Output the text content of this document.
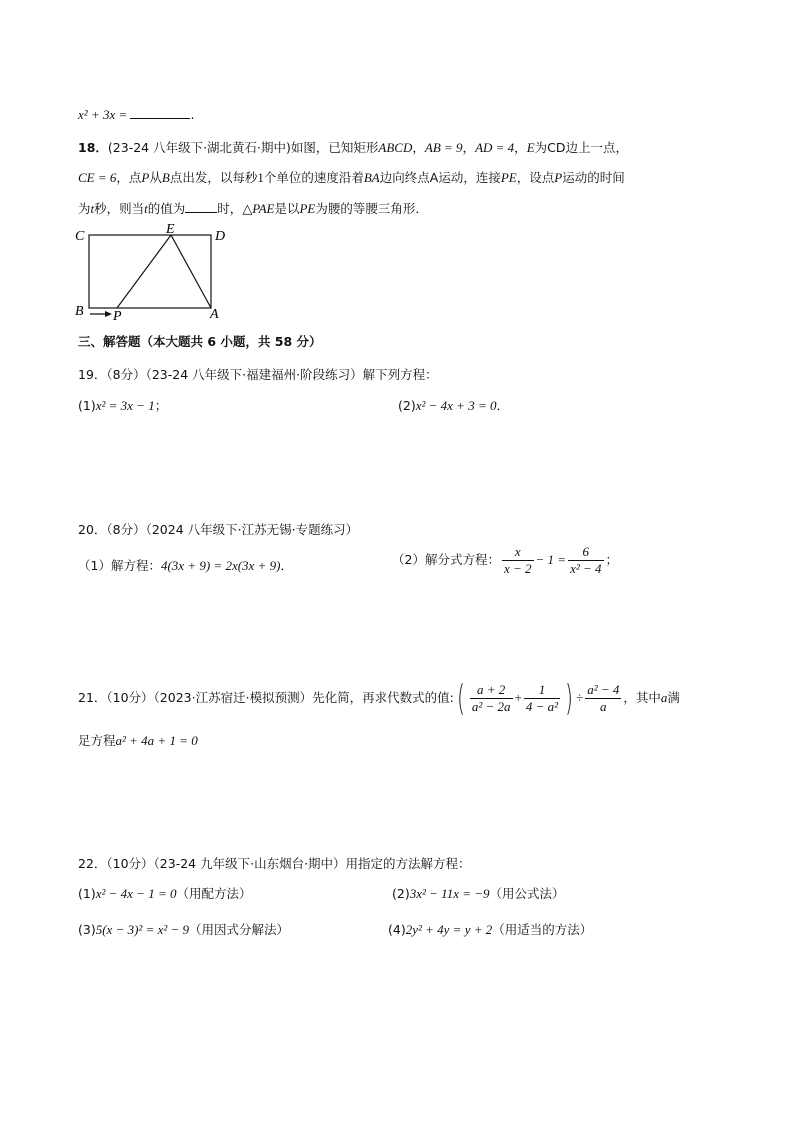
x² + 3x =	.
18．(23-24 八年级下·湖北黄石·期中)如图，已知矩形ABCD，AB = 9，AD = 4，E为CD边上一点，
CE = 6，点P从B点出发，以每秒1个单位的速度沿着BA边向终点A运动，连接PE，设点P运动的时间
为t秒，则当t的值为	时，△PAE是以PE为腰的等腰三角形．
C	E	D
B P	A
三、解答题（本大题共 6 小题，共 58 分）
19．（8分）（23-24 八年级下·福建福州·阶段练习）解下列方程：
(1)x² = 3x − 1；	(2)x² − 4x + 3 = 0．
20．（8分）（2024 八年级下·江苏无锡·专题练习）
（1）解方程：4(3x + 9) = 2x(3x + 9)．	（2）解分式方程： $\frac{x}{x - 2} - 1 = \frac{6}{\text{x² − 4}}$ ；
21．（10分）（2023·江苏宿迁·模拟预测）先化简，再求代数式的值:( $\frac{a + 2}{\text{a² − 2a}} + \frac{1}{\text{4 − a²}}$ ) ÷ $\frac{\text{a² − 4}}{a}$ ，其中a满
足方程a² + 4a + 1 = 0
22．（10分）（23-24 九年级下·山东烟台·期中）用指定的方法解方程：
(1)x² − 4x − 1 = 0（用配方法）	(2)3x² − 11x = −9（用公式法）
(3)5(x − 3)² = x² − 9（用因式分解法）	(4)2y² + 4y = y + 2（用适当的方法）
